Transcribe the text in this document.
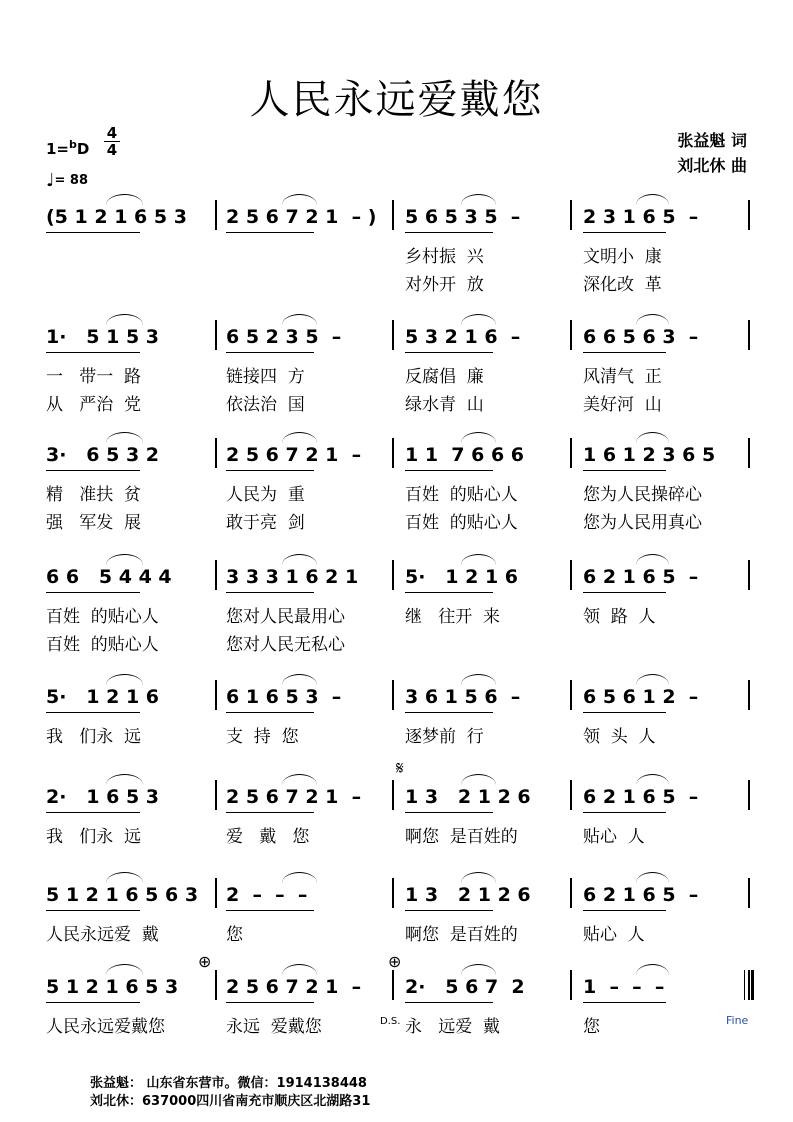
人民永远爱戴您
1=$^b$D
4
4
♩= 88
张益魁 词
刘北休 曲
(5 1 2 1 6 5 3	2 5 6 7 2 1  – )	5 6 5 3 5  –	2 3 1 6 5  –
乡村振  兴	文明小  康
对外开  放	深化改  革
1·   5 1 5 3	6 5 2 3 5  –	5 3 2 1 6  –	6 6 5 6 3  –
一   带一  路	链接四  方	反腐倡  廉	风清气  正
从   严治  党	依法治  国	绿水青  山	美好河  山
3·   6 5 3 2	2 5 6 7 2 1  –	1 1  7 6 6 6	1 6 1 2 3 6 5
精   准扶  贫	人民为  重	百姓  的贴心人	您为人民操碎心
强   军发  展	敢于亮  剑	百姓  的贴心人	您为人民用真心
6 6   5 4 4 4	3 3 3 1 6 2 1	5·   1 2 1 6	6 2 1 6 5  –
百姓  的贴心人	您对人民最用心	继   往开  来	领  路  人
百姓  的贴心人	您对人民无私心
5·   1 2 1 6	6 1 6 5 3  –	3 6 1 5 6  –	6 5 6 1 2  –
我   们永  远	支  持  您	逐梦前  行	领  头  人
2·   1 6 5 3	2 5 6 7 2 1  –	1 3   2 1 2 6	6 2 1 6 5  –
我   们永  远	爱   戴   您	啊您  是百姓的	贴心  人
5 1 2 1 6 5 6 3	2  –  –  –	1 3   2 1 2 6	6 2 1 6 5  –
人民永远爱  戴	您	啊您  是百姓的	贴心  人
5 1 2 1 6 5 3	2 5 6 7 2 1  –	2·   5 6 7  2	1  –  –  –
人民永远爱戴您	永远  爱戴您	永   远爱  戴	您
张益魁： 山东省东营市。微信：1914138448
刘北休：637000四川省南充市顺庆区北湖路31
𝄋
⊕	⊕
D.S.	Fine
